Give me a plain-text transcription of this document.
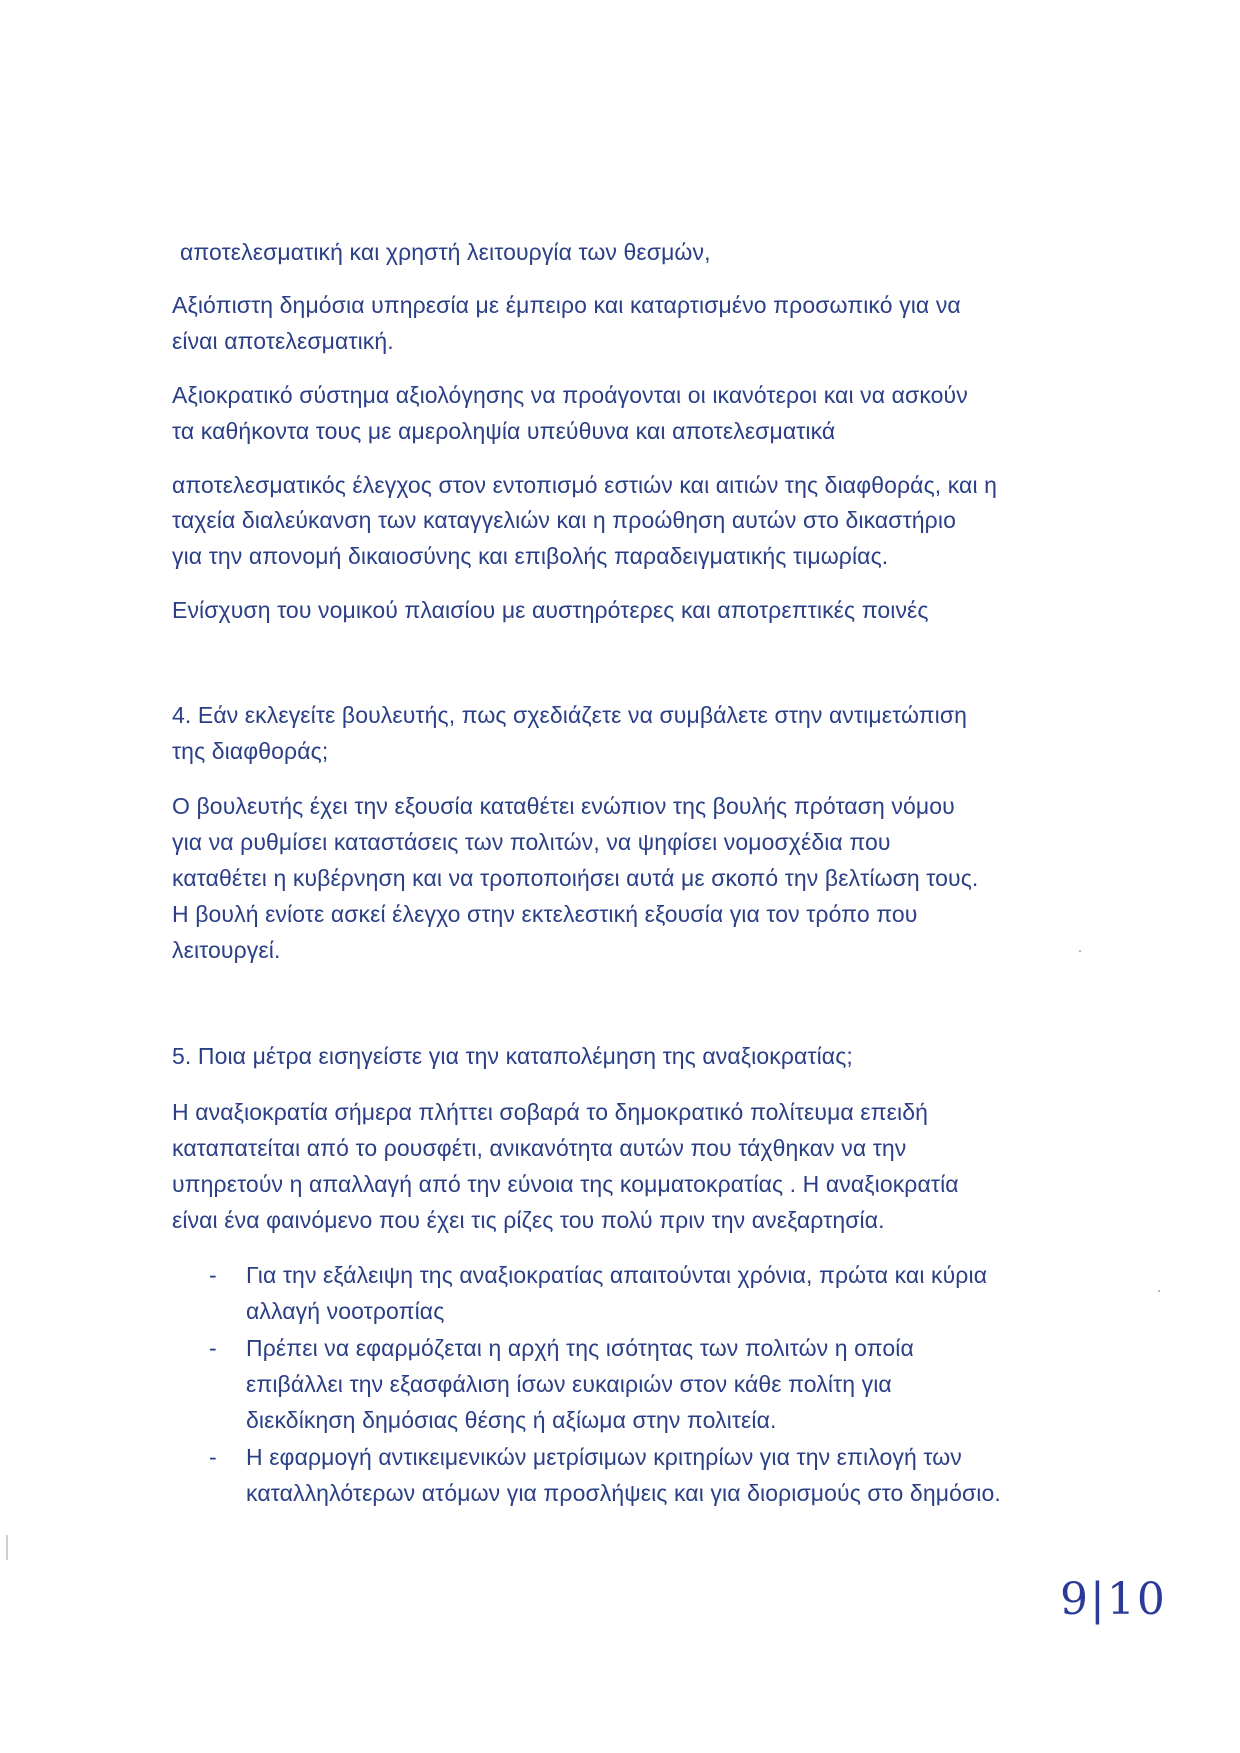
αποτελεσματική και χρηστή λειτουργία των θεσμών,
Αξιόπιστη δημόσια υπηρεσία με έμπειρο και καταρτισμένο προσωπικό για να
είναι αποτελεσματική.
Αξιοκρατικό σύστημα αξιολόγησης να προάγονται οι ικανότεροι και να ασκούν
τα καθήκοντα τους με αμεροληψία υπεύθυνα και αποτελεσματικά
αποτελεσματικός έλεγχος στον εντοπισμό εστιών και αιτιών της διαφθοράς, και η
ταχεία διαλεύκανση των καταγγελιών και η προώθηση αυτών στο δικαστήριο
για την απονομή δικαιοσύνης και επιβολής παραδειγματικής τιμωρίας.
Ενίσχυση του νομικού πλαισίου με αυστηρότερες και αποτρεπτικές ποινές
4. Εάν εκλεγείτε βουλευτής, πως σχεδιάζετε να συμβάλετε στην αντιμετώπιση
της διαφθοράς;
Ο βουλευτής έχει την εξουσία καταθέτει ενώπιον της βουλής πρόταση νόμου
για να ρυθμίσει καταστάσεις των πολιτών, να ψηφίσει νομοσχέδια που
καταθέτει η κυβέρνηση και να τροποποιήσει αυτά με σκοπό την βελτίωση τους.
Η βουλή ενίοτε ασκεί έλεγχο στην εκτελεστική εξουσία για τον τρόπο που
λειτουργεί.
5. Ποια μέτρα εισηγείστε για την καταπολέμηση της αναξιοκρατίας;
Η αναξιοκρατία σήμερα πλήττει σοβαρά το δημοκρατικό πολίτευμα επειδή
καταπατείται από το ρουσφέτι, ανικανότητα αυτών που τάχθηκαν να την
υπηρετούν η απαλλαγή από την εύνοια της κομματοκρατίας . Η αναξιοκρατία
είναι ένα φαινόμενο που έχει τις ρίζες του πολύ πριν την ανεξαρτησία.
- Για την εξάλειψη της αναξιοκρατίας απαιτούνται χρόνια, πρώτα και κύρια
αλλαγή νοοτροπίας
- Πρέπει να εφαρμόζεται η αρχή της ισότητας των πολιτών η οποία
επιβάλλει την εξασφάλιση ίσων ευκαιριών στον κάθε πολίτη για
διεκδίκηση δημόσιας θέσης ή αξίωμα στην πολιτεία.
- Η εφαρμογή αντικειμενικών μετρίσιμων κριτηρίων για την επιλογή των
καταλληλότερων ατόμων για προσλήψεις και για διορισμούς στο δημόσιο.
9|10
